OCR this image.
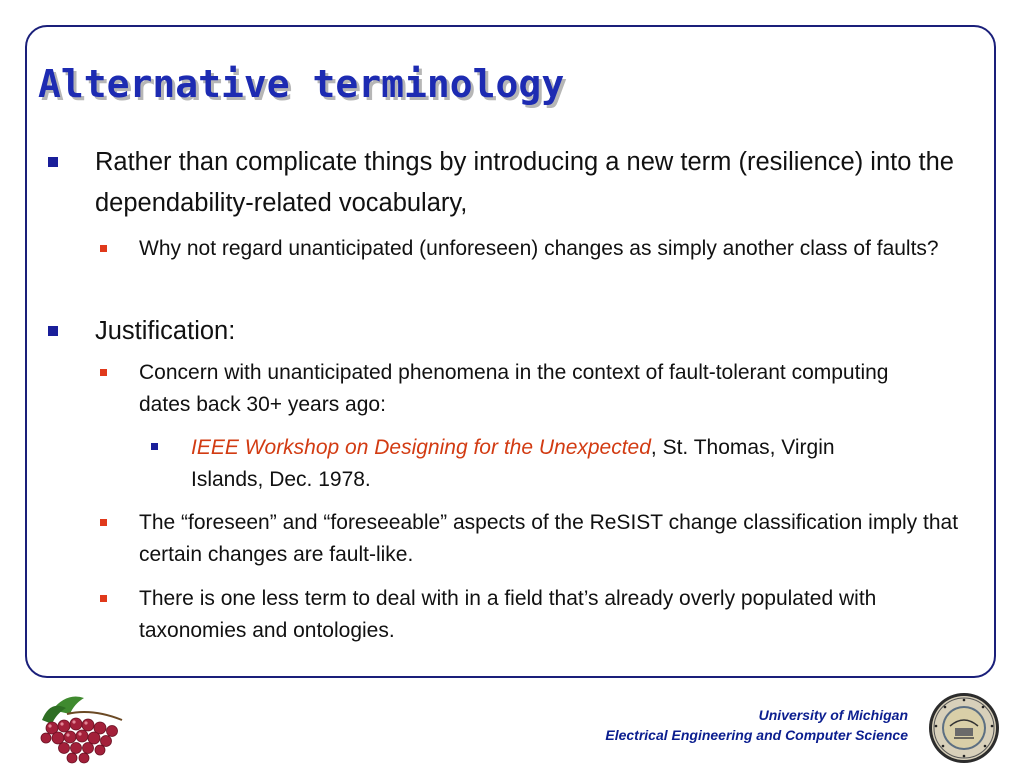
Alternative terminology

Rather than complicate things by introducing a new term (resilience) into the dependability-related vocabulary,

Why not regard unanticipated (unforeseen) changes as simply another class of faults?

Justification:

Concern with unanticipated phenomena in the context of fault-tolerant computing dates back 30+ years ago:

IEEE Workshop on Designing for the Unexpected, St. Thomas, Virgin Islands, Dec. 1978.

The “foreseen” and “foreseeable” aspects of the ReSIST change classification imply that certain changes are fault-like.

There is one less term to deal with in a field that’s already overly populated with taxonomies and ontologies.

University of Michigan
Electrical Engineering and Computer Science
